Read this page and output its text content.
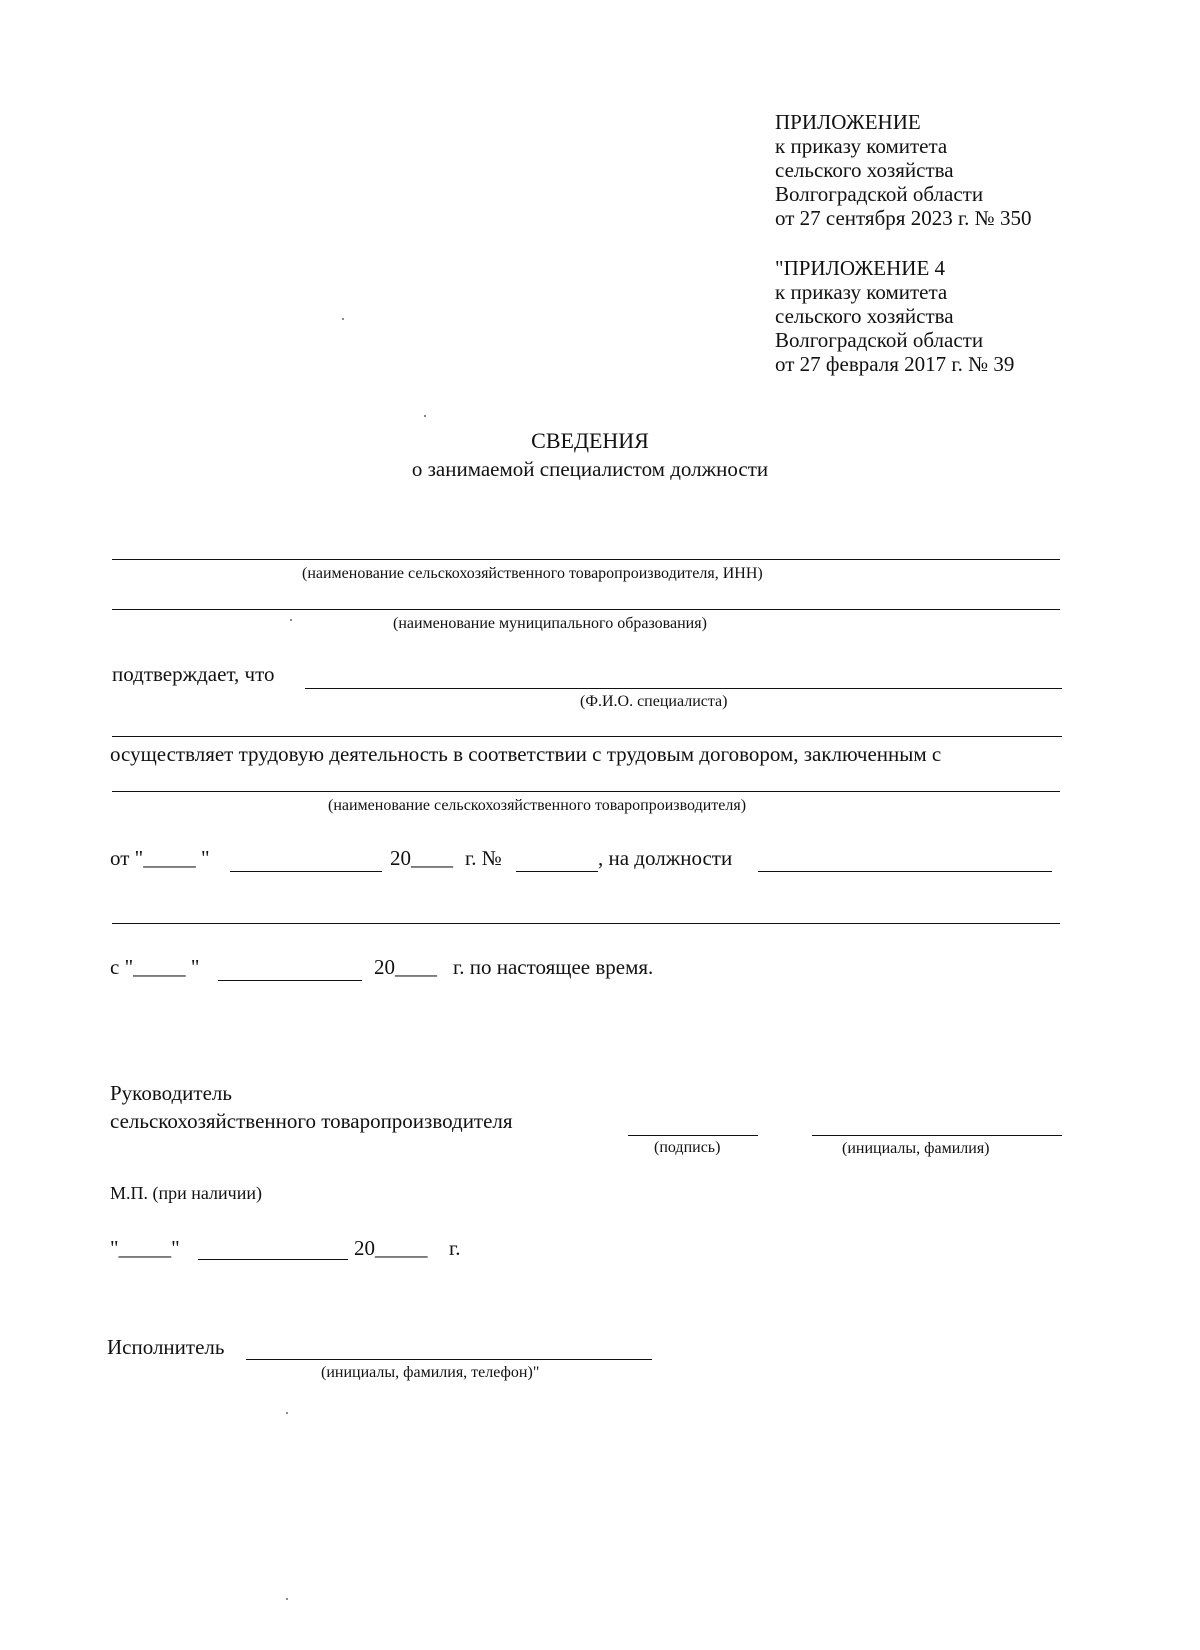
ПРИЛОЖЕНИЕ
к приказу комитета
сельского хозяйства
Волгоградской области
от 27 сентября 2023 г. № 350
"ПРИЛОЖЕНИЕ 4
к приказу комитета
сельского хозяйства
Волгоградской области
от 27 февраля 2017 г. № 39
СВЕДЕНИЯ
о занимаемой специалистом должности
(наименование сельскохозяйственного товаропроизводителя, ИНН)
(наименование муниципального образования)
подтверждает, что
(Ф.И.О. специалиста)
осуществляет трудовую деятельность в соответствии с трудовым договором, заключенным с
(наименование сельскохозяйственного товаропроизводителя)
от "_____ "	20____ г. №	, на должности
с "_____ "	20____ г. по настоящее время.
Руководитель
сельскохозяйственного товаропроизводителя
(подпись)	(инициалы, фамилия)
М.П. (при наличии)
"_____"	20_____ г.
Исполнитель
(инициалы, фамилия, телефон)"
